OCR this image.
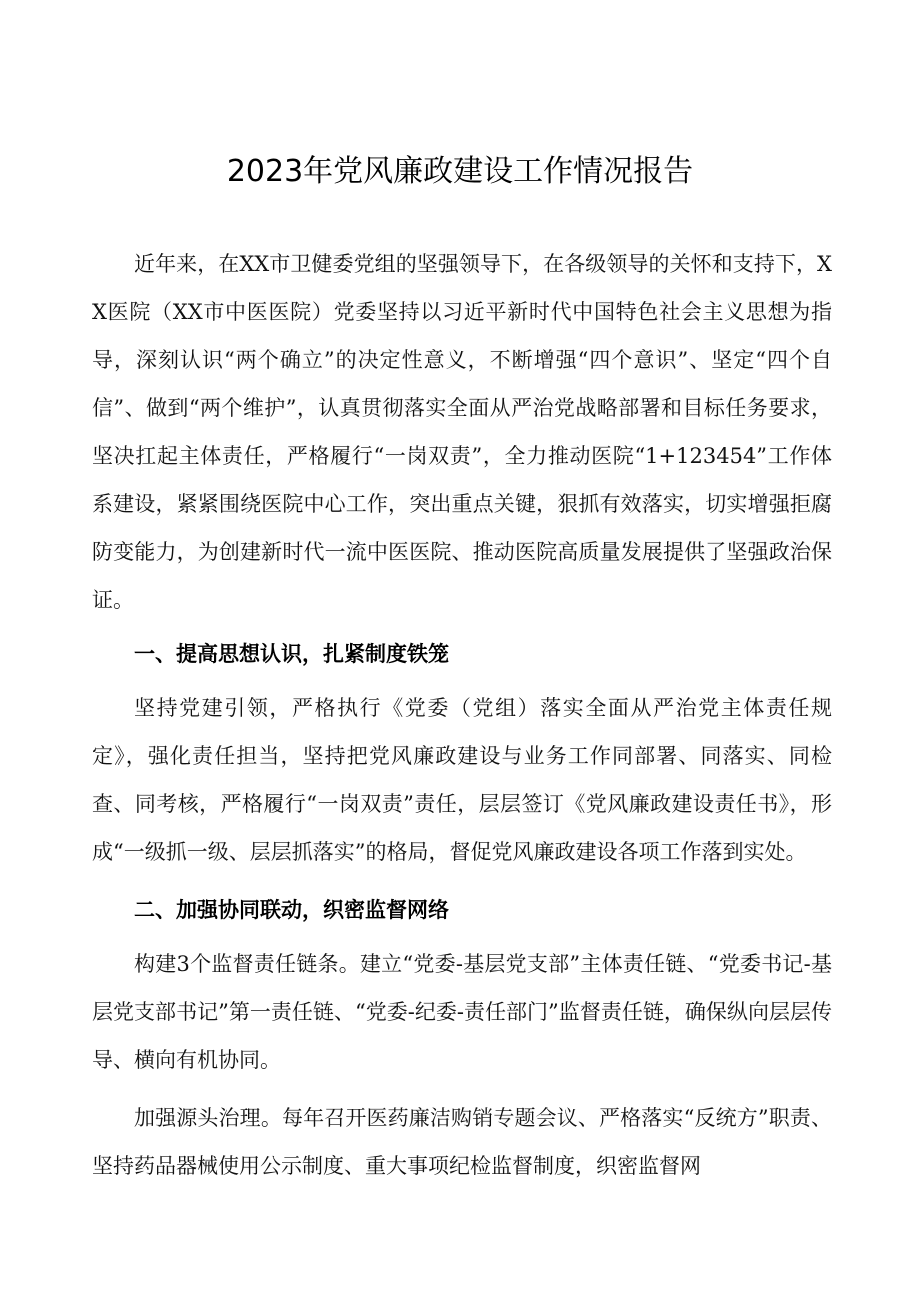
2023年党风廉政建设工作情况报告

近年来，在XX市卫健委党组的坚强领导下，在各级领导的关怀和支持下，XX医院（XX市中医医院）党委坚持以习近平新时代中国特色社会主义思想为指导，深刻认识“两个确立”的决定性意义，不断增强“四个意识”、坚定“四个自信”、做到“两个维护”，认真贯彻落实全面从严治党战略部署和目标任务要求，坚决扛起主体责任，严格履行“一岗双责”，全力推动医院“1+123454”工作体系建设，紧紧围绕医院中心工作，突出重点关键，狠抓有效落实，切实增强拒腐防变能力，为创建新时代一流中医医院、推动医院高质量发展提供了坚强政治保证。

一、提高思想认识，扎紧制度铁笼

坚持党建引领，严格执行《党委（党组）落实全面从严治党主体责任规定》，强化责任担当，坚持把党风廉政建设与业务工作同部署、同落实、同检查、同考核，严格履行“一岗双责”责任，层层签订《党风廉政建设责任书》，形成“一级抓一级、层层抓落实”的格局，督促党风廉政建设各项工作落到实处。

二、加强协同联动，织密监督网络

构建3个监督责任链条。建立“党委-基层党支部”主体责任链、“党委书记-基层党支部书记”第一责任链、“党委-纪委-责任部门”监督责任链，确保纵向层层传导、横向有机协同。

加强源头治理。每年召开医药廉洁购销专题会议、严格落实“反统方”职责、坚持药品器械使用公示制度、重大事项纪检监督制度，织密监督网
